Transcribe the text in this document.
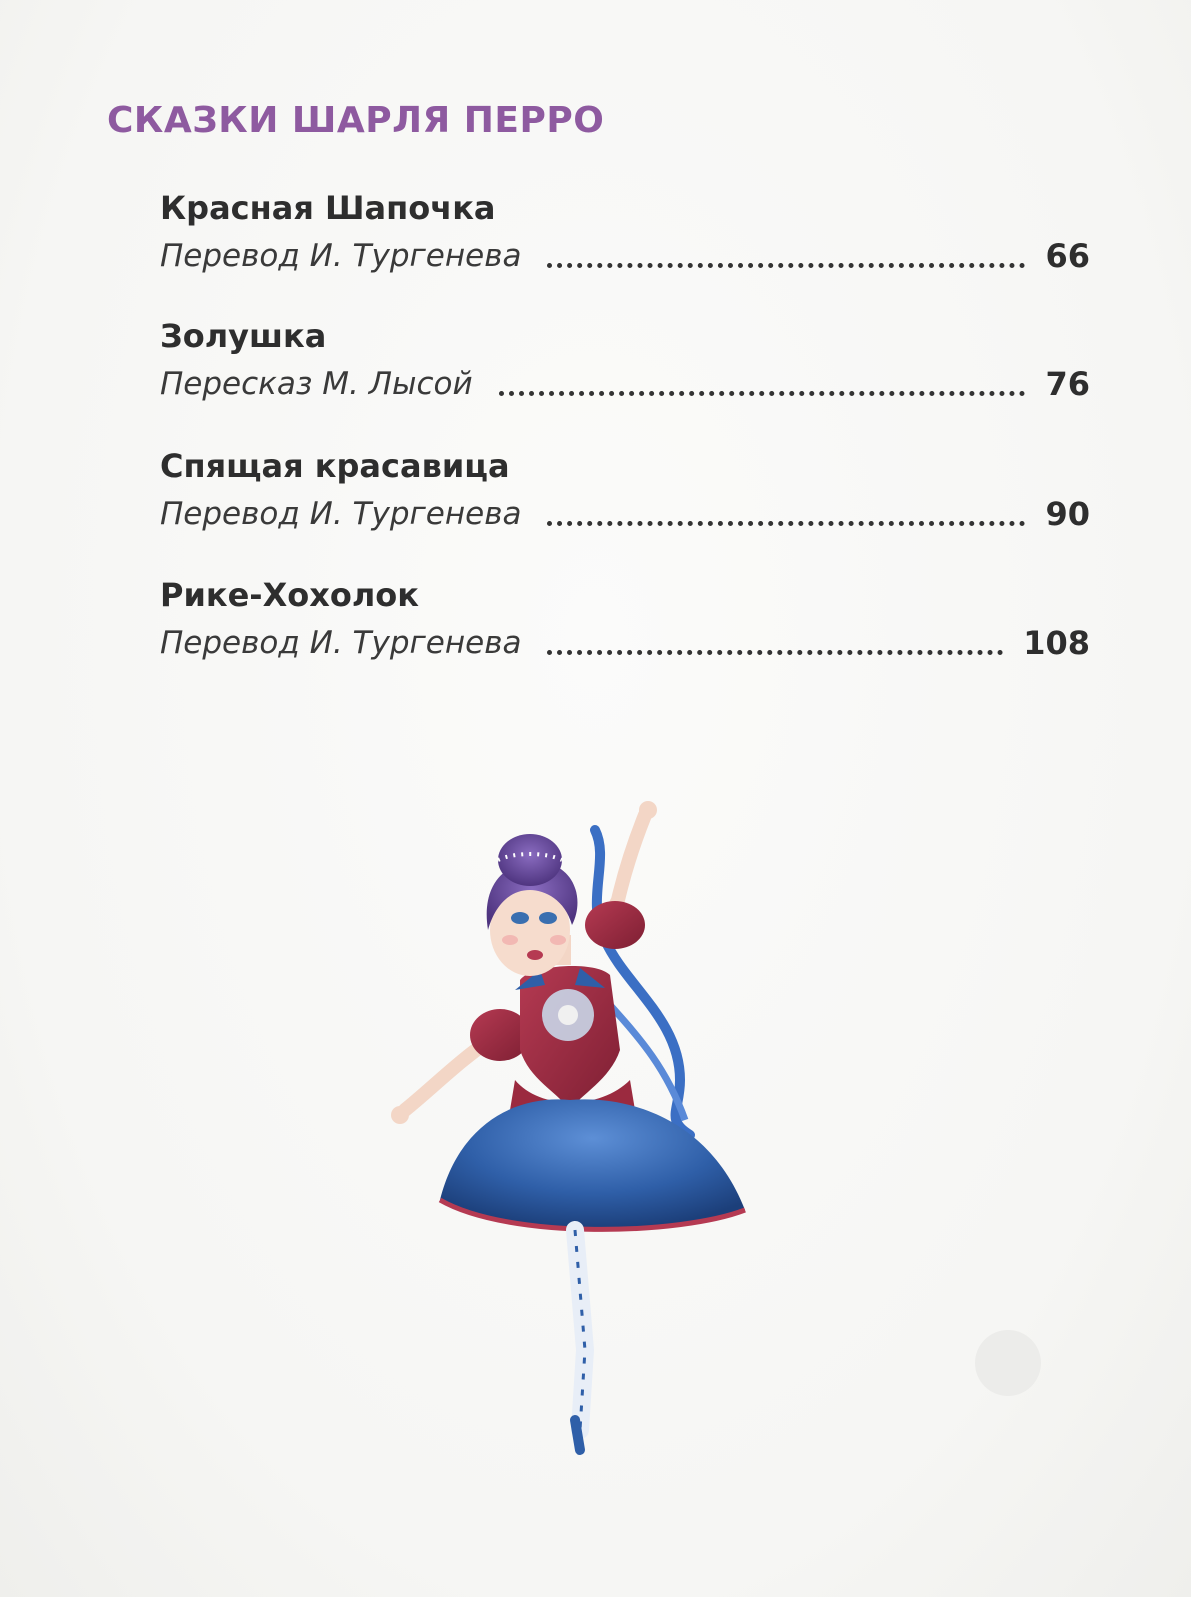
СКАЗКИ ШАРЛЯ ПЕРРО
Красная Шапочка
Перевод И. Тургенева	66
Золушка
Пересказ М. Лысой	76
Спящая красавица
Перевод И. Тургенева	90
Рике-Хохолок
Перевод И. Тургенева	108
